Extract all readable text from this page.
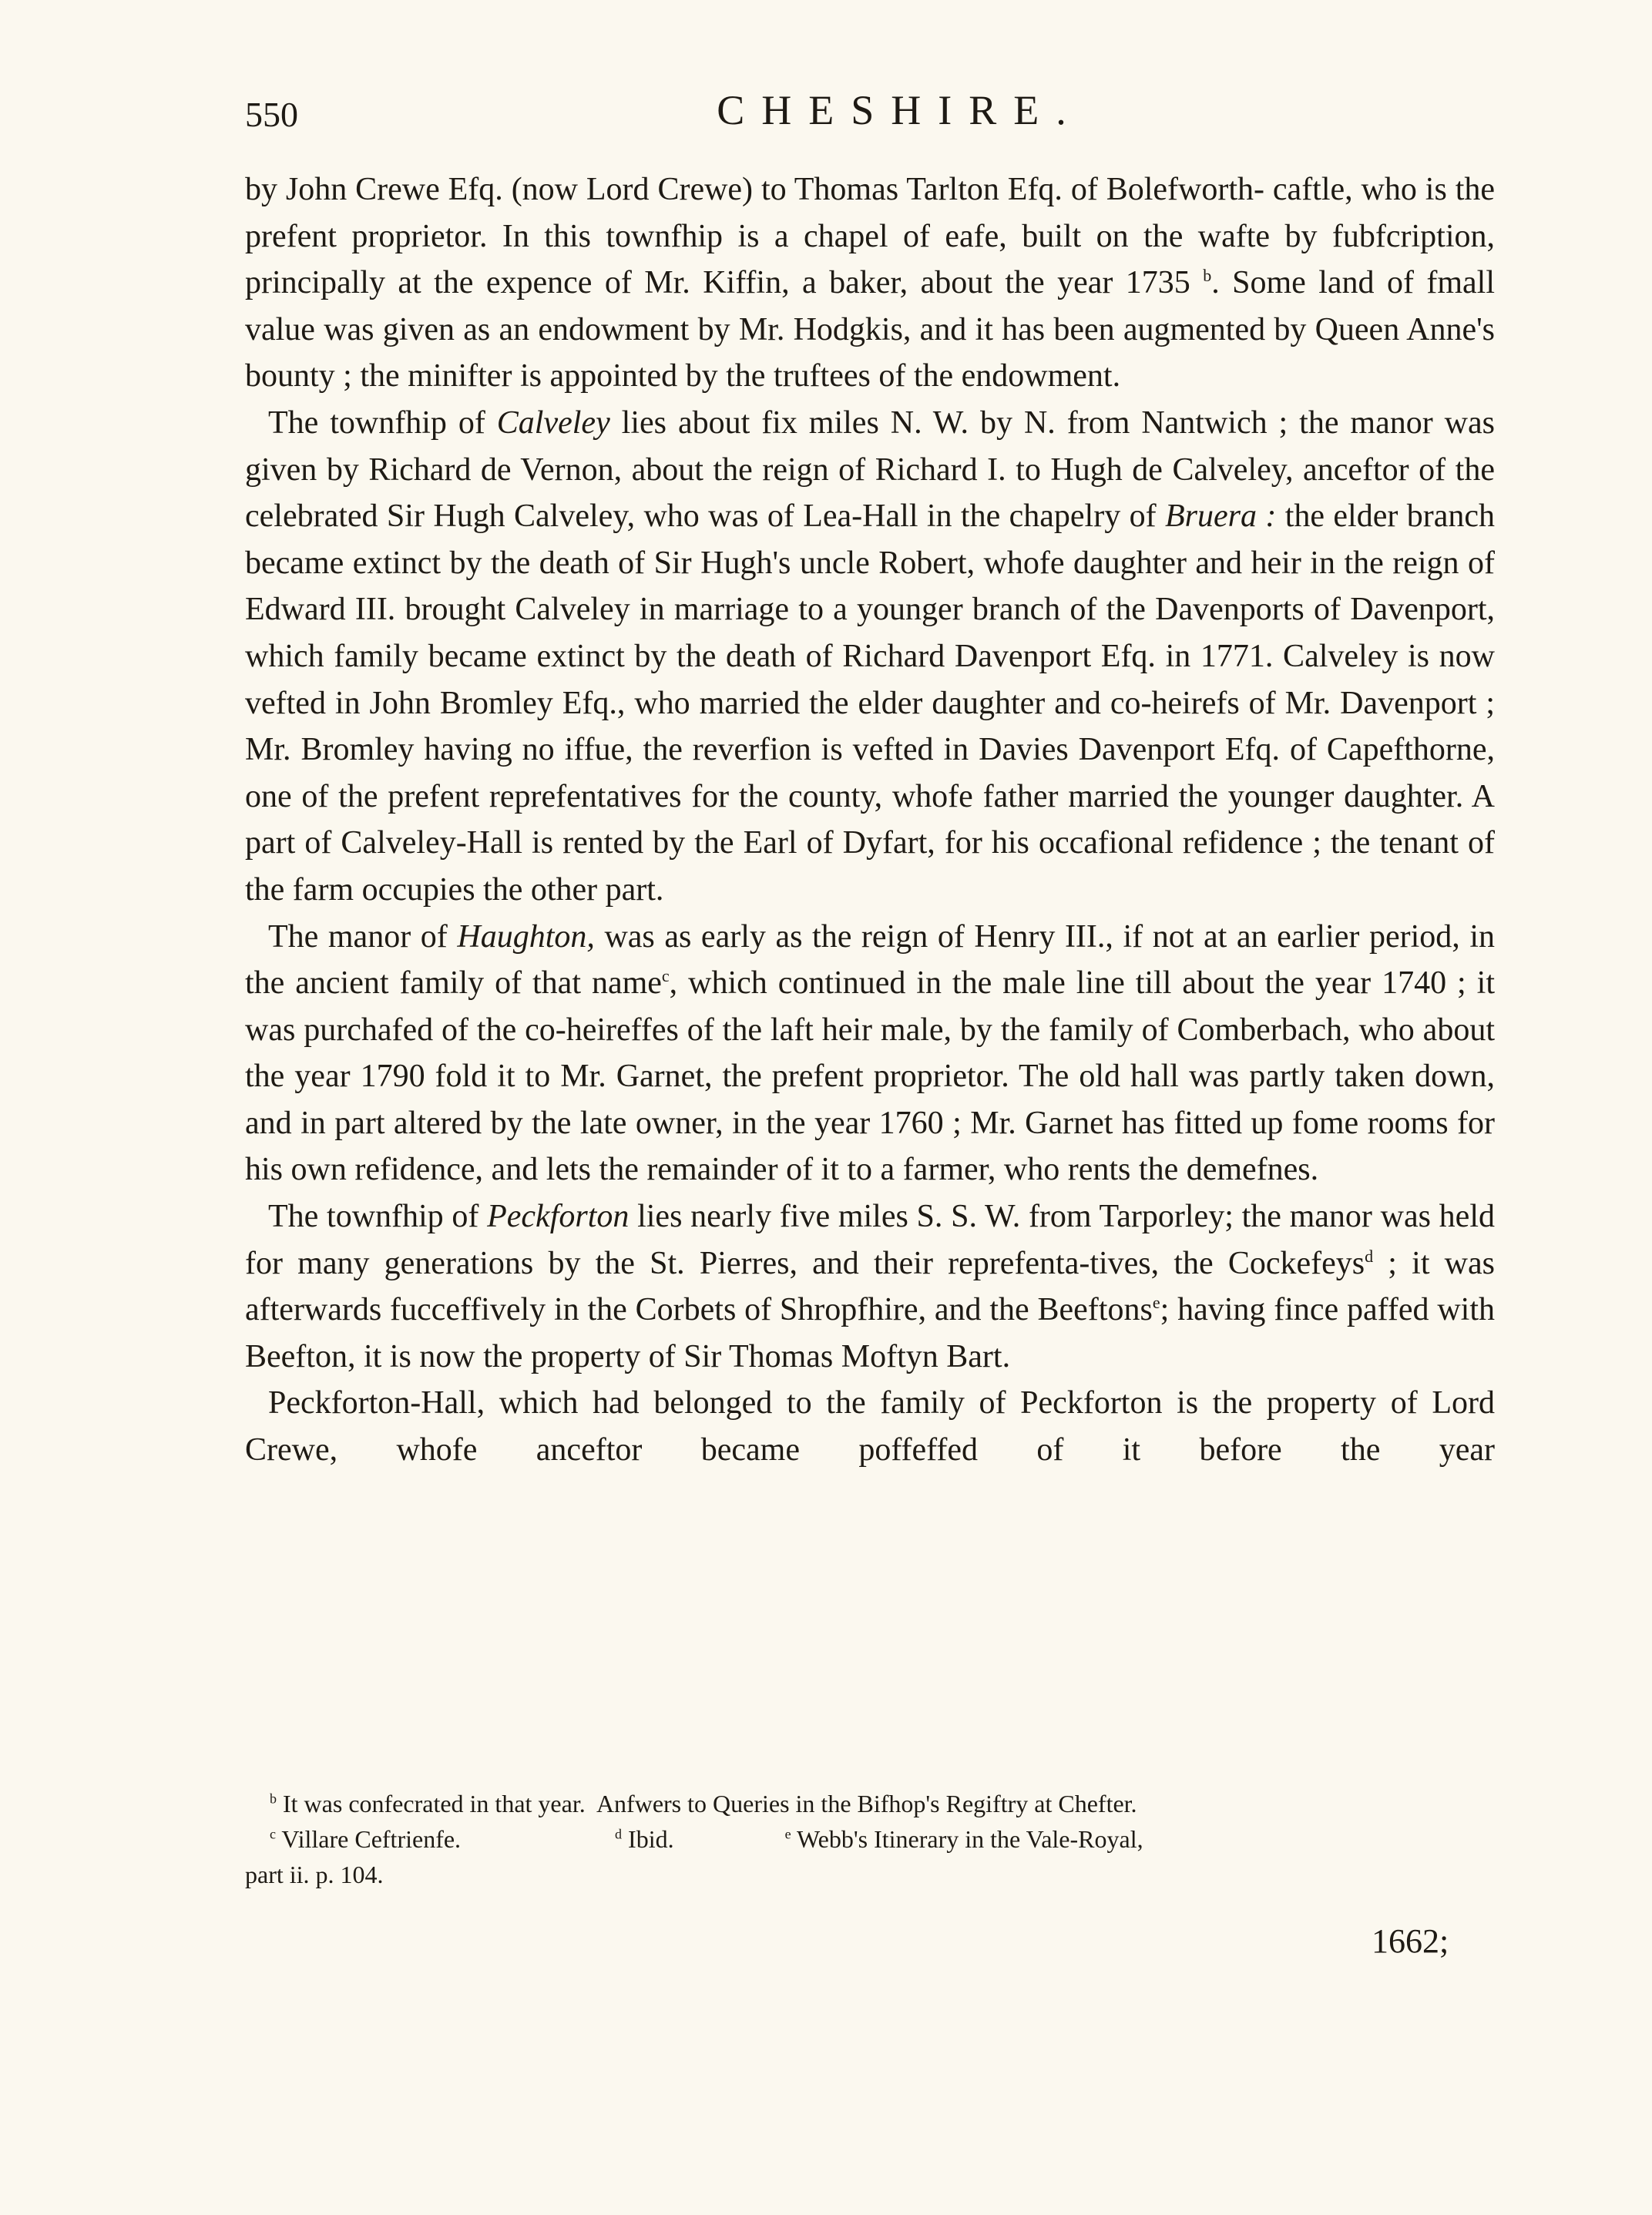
550	CHESHIRE.

by John Crewe Efq. (now Lord Crewe) to Thomas Tarlton Efq. of Bolefworth- caftle, who is the prefent proprietor. In this townfhip is a chapel of eafe, built on the wafte by fubfcription, principally at the expence of Mr. Kiffin, a baker, about the year 1735 $^b$. Some land of fmall value was given as an endowment by Mr. Hodgkis, and it has been augmented by Queen Anne's bounty ; the minifter is appointed by the truftees of the endowment.

The townfhip of Calveley lies about fix miles N. W. by N. from Nantwich ; the manor was given by Richard de Vernon, about the reign of Richard I. to Hugh de Calveley, anceftor of the celebrated Sir Hugh Calveley, who was of Lea-Hall in the chapelry of Bruera : the elder branch became extinct by the death of Sir Hugh's uncle Robert, whofe daughter and heir in the reign of Edward III. brought Calveley in marriage to a younger branch of the Davenports of Davenport, which family became extinct by the death of Richard Davenport Efq. in 1771. Calveley is now vefted in John Bromley Efq., who married the elder daughter and co-heirefs of Mr. Davenport ; Mr. Bromley having no iffue, the reverfion is vefted in Davies Davenport Efq. of Capefthorne, one of the prefent reprefentatives for the county, whofe father married the younger daughter. A part of Calveley-Hall is rented by the Earl of Dyfart, for his occafional refidence ; the tenant of the farm occupies the other part.

The manor of Haughton, was as early as the reign of Henry III., if not at an earlier period, in the ancient family of that name$^c$, which continued in the male line till about the year 1740 ; it was purchafed of the co-heireffes of the laft heir male, by the family of Comberbach, who about the year 1790 fold it to Mr. Garnet, the prefent proprietor. The old hall was partly taken down, and in part altered by the late owner, in the year 1760 ; Mr. Garnet has fitted up fome rooms for his own refidence, and lets the remainder of it to a farmer, who rents the demefnes.

The townfhip of Peckforton lies nearly five miles S. S. W. from Tarporley; the manor was held for many generations by the St. Pierres, and their reprefenta-tives, the Cockefeys$^d$ ; it was afterwards fucceffively in the Corbets of Shropfhire, and the Beeftons$^e$; having fince paffed with Beefton, it is now the property of Sir Thomas Moftyn Bart.

Peckforton-Hall, which had belonged to the family of Peckforton is the property of Lord Crewe, whofe anceftor became poffeffed of it before the year

$^b$ It was confecrated in that year.  Anfwers to Queries in the Bifhop's Regiftry at Chefter.

$^c$ Villare Ceftrienfe.	$^d$ Ibid.	$^e$ Webb's Itinerary in the Vale-Royal,

part ii. p. 104.

1662;
